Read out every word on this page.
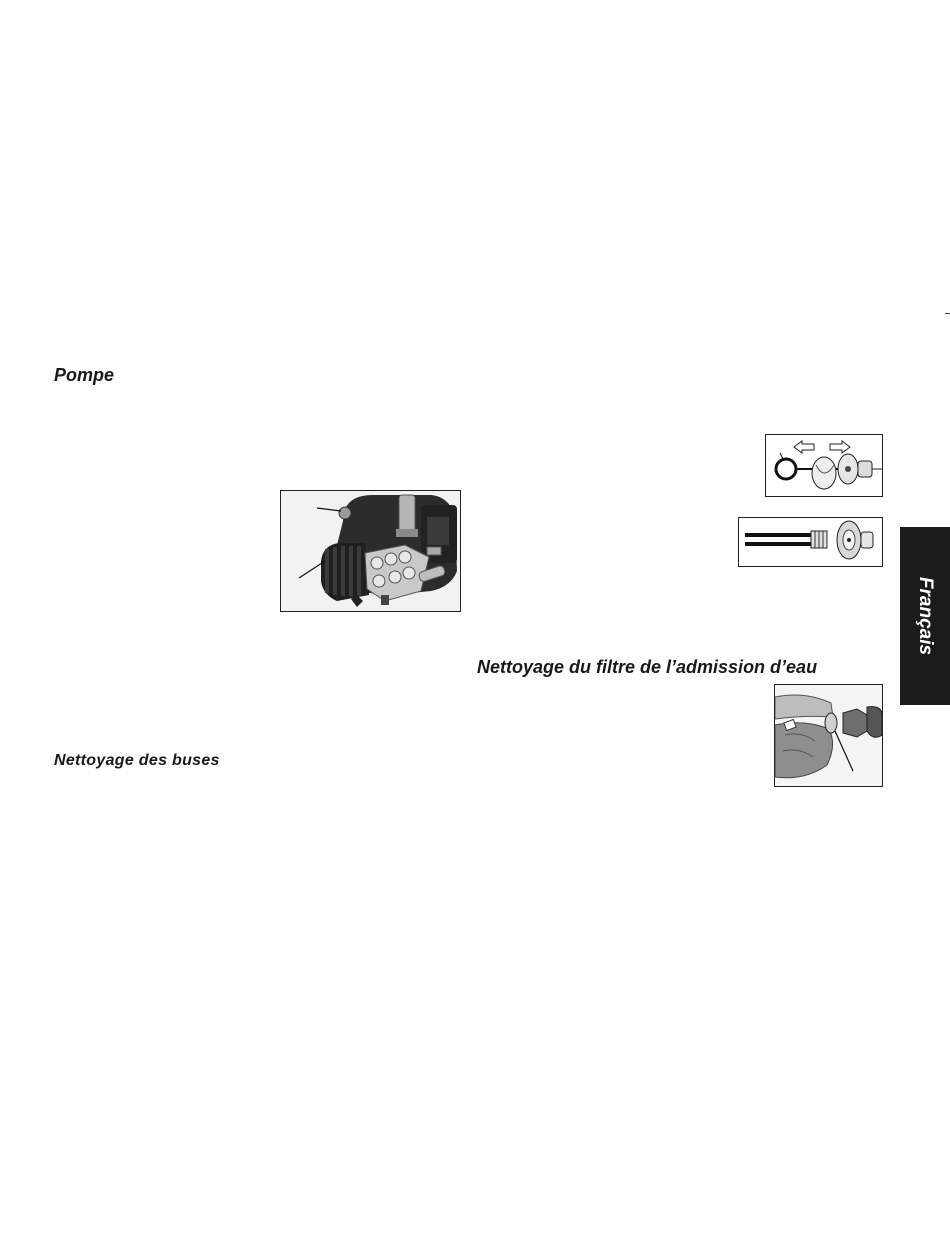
Pompe
Nettoyage des buses
Nettoyage du filtre de l’admission d’eau
Français
